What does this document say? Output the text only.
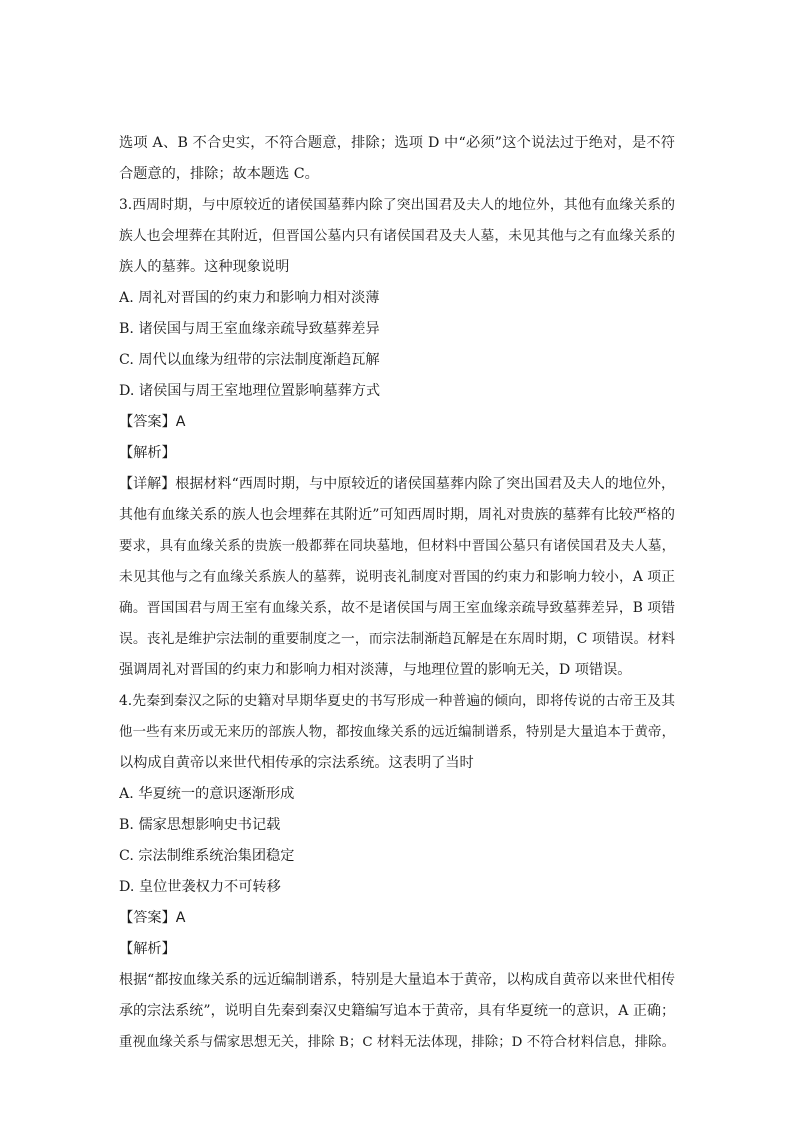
选项 A、B 不合史实，不符合题意，排除；选项 D 中“必须”这个说法过于绝对，是不符
合题意的，排除；故本题选 C。
3.西周时期，与中原较近的诸侯国墓葬内除了突出国君及夫人的地位外，其他有血缘关系的
族人也会埋葬在其附近，但晋国公墓内只有诸侯国君及夫人墓，未见其他与之有血缘关系的
族人的墓葬。这种现象说明
A. 周礼对晋国的约束力和影响力相对淡薄
B. 诸侯国与周王室血缘亲疏导致墓葬差异
C. 周代以血缘为纽带的宗法制度渐趋瓦解
D. 诸侯国与周王室地理位置影响墓葬方式
【答案】A
【解析】
【详解】根据材料“西周时期，与中原较近的诸侯国墓葬内除了突出国君及夫人的地位外，
其他有血缘关系的族人也会埋葬在其附近”可知西周时期，周礼对贵族的墓葬有比较严格的
要求，具有血缘关系的贵族一般都葬在同块墓地，但材料中晋国公墓只有诸侯国君及夫人墓，
未见其他与之有血缘关系族人的墓葬，说明丧礼制度对晋国的约束力和影响力较小，A 项正
确。晋国国君与周王室有血缘关系，故不是诸侯国与周王室血缘亲疏导致墓葬差异，B 项错
误。丧礼是维护宗法制的重要制度之一，而宗法制渐趋瓦解是在东周时期，C 项错误。材料
强调周礼对晋国的约束力和影响力相对淡薄，与地理位置的影响无关，D 项错误。
4.先秦到秦汉之际的史籍对早期华夏史的书写形成一种普遍的倾向，即将传说的古帝王及其
他一些有来历或无来历的部族人物，都按血缘关系的远近编制谱系，特别是大量追本于黄帝，
以构成自黄帝以来世代相传承的宗法系统。这表明了当时
A. 华夏统一的意识逐渐形成
B. 儒家思想影响史书记载
C. 宗法制维系统治集团稳定
D. 皇位世袭权力不可转移
【答案】A
【解析】
根据“都按血缘关系的远近编制谱系，特别是大量追本于黄帝，以构成自黄帝以来世代相传
承的宗法系统”，说明自先秦到秦汉史籍编写追本于黄帝，具有华夏统一的意识，A 正确；
重视血缘关系与儒家思想无关，排除 B；C 材料无法体现，排除；D 不符合材料信息，排除。
